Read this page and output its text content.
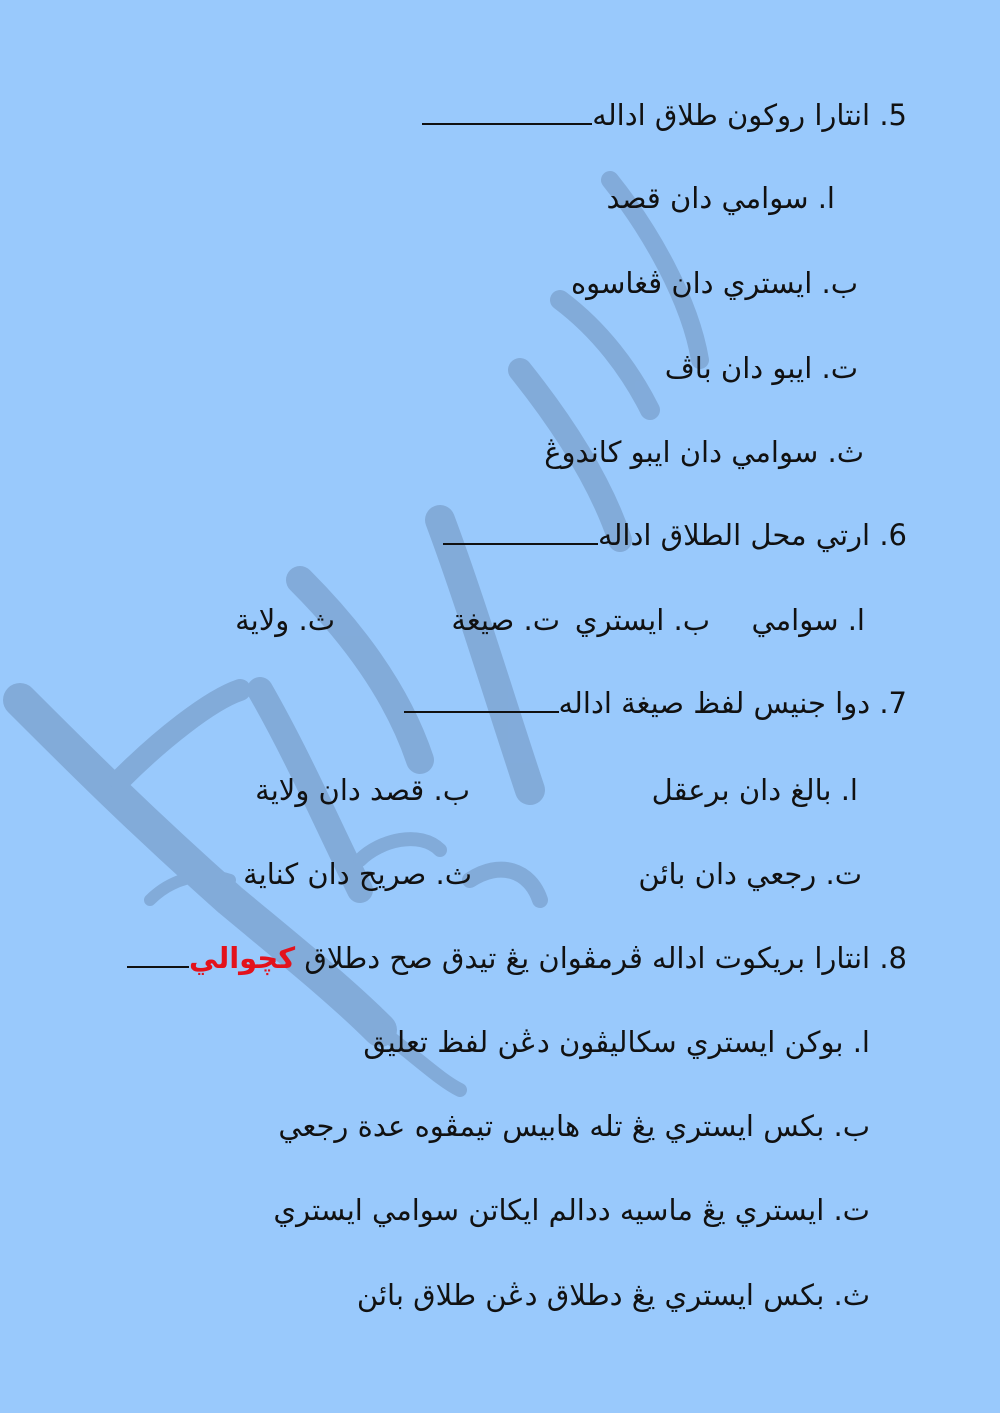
5. انتارا روكون طلاق اداله
ا. سوامي دان قصد
ب. ايستري دان ڤغاسوه
ت. ايبو دان باڤ
ث. سوامي دان ايبو كاندوڠ
6. ارتي محل الطلاق اداله
ا. سوامي
ب. ايستري
ت. صيغة
ث. ولاية
7. دوا جنيس لفظ صيغة اداله
ا. بالغ دان برعقل
ب. قصد دان ولاية
ت. رجعي دان بائن
ث. صريح دان كناية
8. انتارا بريكوت اداله ڤرمڤوان يڠ تيدق صح دطلاق كچوالي
ا. بوكن ايستري سكاليڤون دڠن لفظ تعليق
ب. بكس ايستري يڠ تله هابيس تيمڤوه عدة رجعي
ت. ايستري يڠ ماسيه ددالم ايكاتن سوامي ايستري
ث. بكس ايستري يڠ دطلاق دڠن طلاق بائن
